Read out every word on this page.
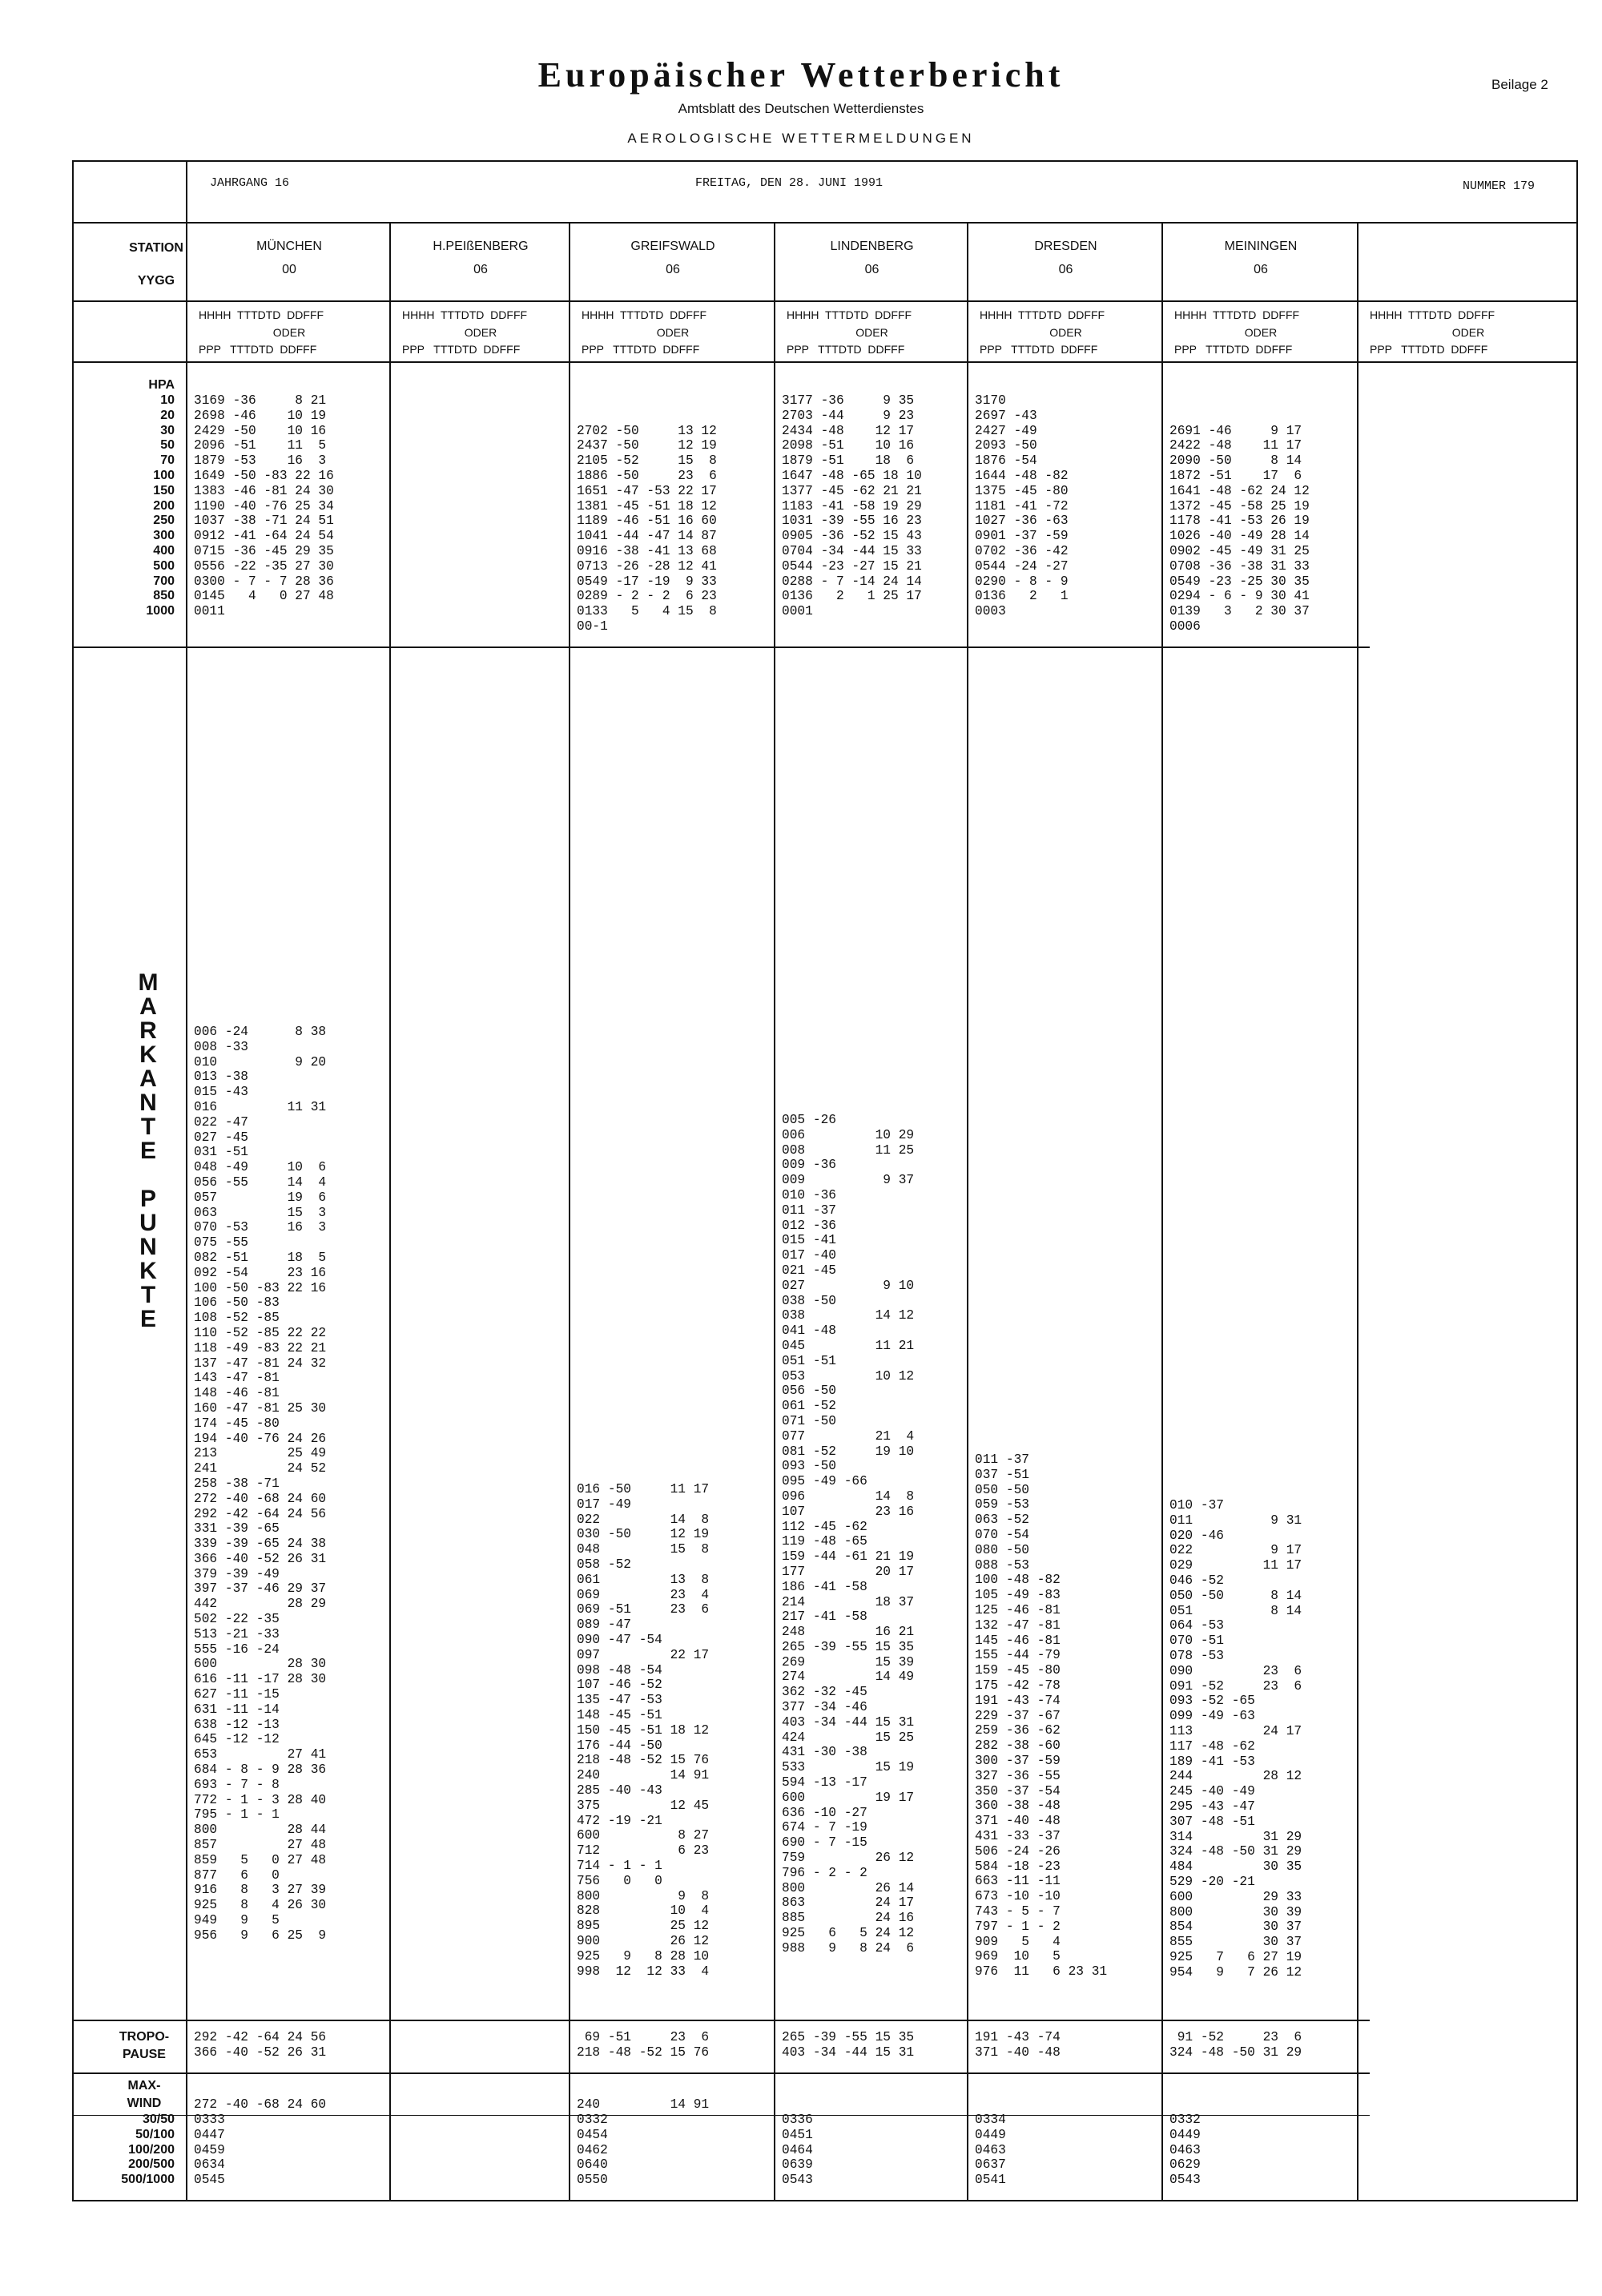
Europäischer Wetterbericht
Amtsblatt des Deutschen Wetterdienstes
AEROLOGISCHE WETTERMELDUNGEN
Beilage 2
JAHRGANG 16	FREITAG, DEN 28. JUNI 1991	NUMMER 179
STATION
YYGG
HPA
10
20
30
50
70
100
150
200
250
300
400
500
700
850
1000
M
A
R
K
A
N
T
E

P
U
N
K
T
E
TROPO-
PAUSE
MAX-
WIND
30/50
50/100
100/200
200/500
500/1000
MÜNCHEN
00
HHHH  TTTDTD  DDFFF
ODER
PPP   TTTDTD  DDFFF
3169 -36     8 21
2698 -46    10 19
2429 -50    10 16
2096 -51    11  5
1879 -53    16  3
1649 -50 -83 22 16
1383 -46 -81 24 30
1190 -40 -76 25 34
1037 -38 -71 24 51
0912 -41 -64 24 54
0715 -36 -45 29 35
0556 -22 -35 27 30
0300 - 7 - 7 28 36
0145   4   0 27 48
0011
006 -24      8 38
008 -33
010          9 20
013 -38
015 -43
016         11 31
022 -47
027 -45
031 -51
048 -49     10  6
056 -55     14  4
057         19  6
063         15  3
070 -53     16  3
075 -55
082 -51     18  5
092 -54     23 16
100 -50 -83 22 16
106 -50 -83
108 -52 -85
110 -52 -85 22 22
118 -49 -83 22 21
137 -47 -81 24 32
143 -47 -81
148 -46 -81
160 -47 -81 25 30
174 -45 -80
194 -40 -76 24 26
213         25 49
241         24 52
258 -38 -71
272 -40 -68 24 60
292 -42 -64 24 56
331 -39 -65
339 -39 -65 24 38
366 -40 -52 26 31
379 -39 -49
397 -37 -46 29 37
442         28 29
502 -22 -35
513 -21 -33
555 -16 -24
600         28 30
616 -11 -17 28 30
627 -11 -15
631 -11 -14
638 -12 -13
645 -12 -12
653         27 41
684 - 8 - 9 28 36
693 - 7 - 8
772 - 1 - 3 28 40
795 - 1 - 1
800         28 44
857         27 48
859   5   0 27 48
877   6   0
916   8   3 27 39
925   8   4 26 30
949   9   5
956   9   6 25  9
292 -42 -64 24 56
366 -40 -52 26 31
272 -40 -68 24 60
0333
0447
0459
0634
0545
H.PEIßENBERG
06
HHHH  TTTDTD  DDFFF
ODER
PPP   TTTDTD  DDFFF
GREIFSWALD
06
HHHH  TTTDTD  DDFFF
ODER
PPP   TTTDTD  DDFFF

2702 -50     13 12
2437 -50     12 19
2105 -52     15  8
1886 -50     23  6
1651 -47 -53 22 17
1381 -45 -51 18 12
1189 -46 -51 16 60
1041 -44 -47 14 87
0916 -38 -41 13 68
0713 -26 -28 12 41
0549 -17 -19  9 33
0289 - 2 - 2  6 23
0133   5   4 15  8
00-1
016 -50     11 17
017 -49
022         14  8
030 -50     12 19
048         15  8
058 -52
061         13  8
069         23  4
069 -51     23  6
089 -47
090 -47 -54
097         22 17
098 -48 -54
107 -46 -52
135 -47 -53
148 -45 -51
150 -45 -51 18 12
176 -44 -50
218 -48 -52 15 76
240         14 91
285 -40 -43
375         12 45
472 -19 -21
600          8 27
712          6 23
714 - 1 - 1
756   0   0
800          9  8
828         10  4
895         25 12
900         26 12
925   9   8 28 10
998  12  12 33  4
69 -51     23  6
218 -48 -52 15 76
240         14 91
0332
0454
0462
0640
0550
LINDENBERG
06
HHHH  TTTDTD  DDFFF
ODER
PPP   TTTDTD  DDFFF
3177 -36     9 35
2703 -44     9 23
2434 -48    12 17
2098 -51    10 16
1879 -51    18  6
1647 -48 -65 18 10
1377 -45 -62 21 21
1183 -41 -58 19 29
1031 -39 -55 16 23
0905 -36 -52 15 43
0704 -34 -44 15 33
0544 -23 -27 15 21
0288 - 7 -14 24 14
0136   2   1 25 17
0001
005 -26
006         10 29
008         11 25
009 -36
009          9 37
010 -36
011 -37
012 -36
015 -41
017 -40
021 -45
027          9 10
038 -50
038         14 12
041 -48
045         11 21
051 -51
053         10 12
056 -50
061 -52
071 -50
077         21  4
081 -52     19 10
093 -50
095 -49 -66
096         14  8
107         23 16
112 -45 -62
119 -48 -65
159 -44 -61 21 19
177         20 17
186 -41 -58
214         18 37
217 -41 -58
248         16 21
265 -39 -55 15 35
269         15 39
274         14 49
362 -32 -45
377 -34 -46
403 -34 -44 15 31
424         15 25
431 -30 -38
533         15 19
594 -13 -17
600         19 17
636 -10 -27
674 - 7 -19
690 - 7 -15
759         26 12
796 - 2 - 2
800         26 14
863         24 17
885         24 16
925   6   5 24 12
988   9   8 24  6
265 -39 -55 15 35
403 -34 -44 15 31
0336
0451
0464
0639
0543
DRESDEN
06
HHHH  TTTDTD  DDFFF
ODER
PPP   TTTDTD  DDFFF
3170
2697 -43
2427 -49
2093 -50
1876 -54
1644 -48 -82
1375 -45 -80
1181 -41 -72
1027 -36 -63
0901 -37 -59
0702 -36 -42
0544 -24 -27
0290 - 8 - 9
0136   2   1
0003
011 -37
037 -51
050 -50
059 -53
063 -52
070 -54
080 -50
088 -53
100 -48 -82
105 -49 -83
125 -46 -81
132 -47 -81
145 -46 -81
155 -44 -79
159 -45 -80
175 -42 -78
191 -43 -74
229 -37 -67
259 -36 -62
282 -38 -60
300 -37 -59
327 -36 -55
350 -37 -54
360 -38 -48
371 -40 -48
431 -33 -37
506 -24 -26
584 -18 -23
663 -11 -11
673 -10 -10
743 - 5 - 7
797 - 1 - 2
909   5   4
969  10   5
976  11   6 23 31
191 -43 -74
371 -40 -48
0334
0449
0463
0637
0541
MEININGEN
06
HHHH  TTTDTD  DDFFF
ODER
PPP   TTTDTD  DDFFF

2691 -46     9 17
2422 -48    11 17
2090 -50     8 14
1872 -51    17  6
1641 -48 -62 24 12
1372 -45 -58 25 19
1178 -41 -53 26 19
1026 -40 -49 28 14
0902 -45 -49 31 25
0708 -36 -38 31 33
0549 -23 -25 30 35
0294 - 6 - 9 30 41
0139   3   2 30 37
0006
010 -37
011          9 31
020 -46
022          9 17
029         11 17
046 -52
050 -50      8 14
051          8 14
064 -53
070 -51
078 -53
090         23  6
091 -52     23  6
093 -52 -65
099 -49 -63
113         24 17
117 -48 -62
189 -41 -53
244         28 12
245 -40 -49
295 -43 -47
307 -48 -51
314         31 29
324 -48 -50 31 29
484         30 35
529 -20 -21
600         29 33
800         30 39
854         30 37
855         30 37
925   7   6 27 19
954   9   7 26 12
91 -52     23  6
324 -48 -50 31 29
0332
0449
0463
0629
0543
HHHH  TTTDTD  DDFFF
ODER
PPP   TTTDTD  DDFFF
